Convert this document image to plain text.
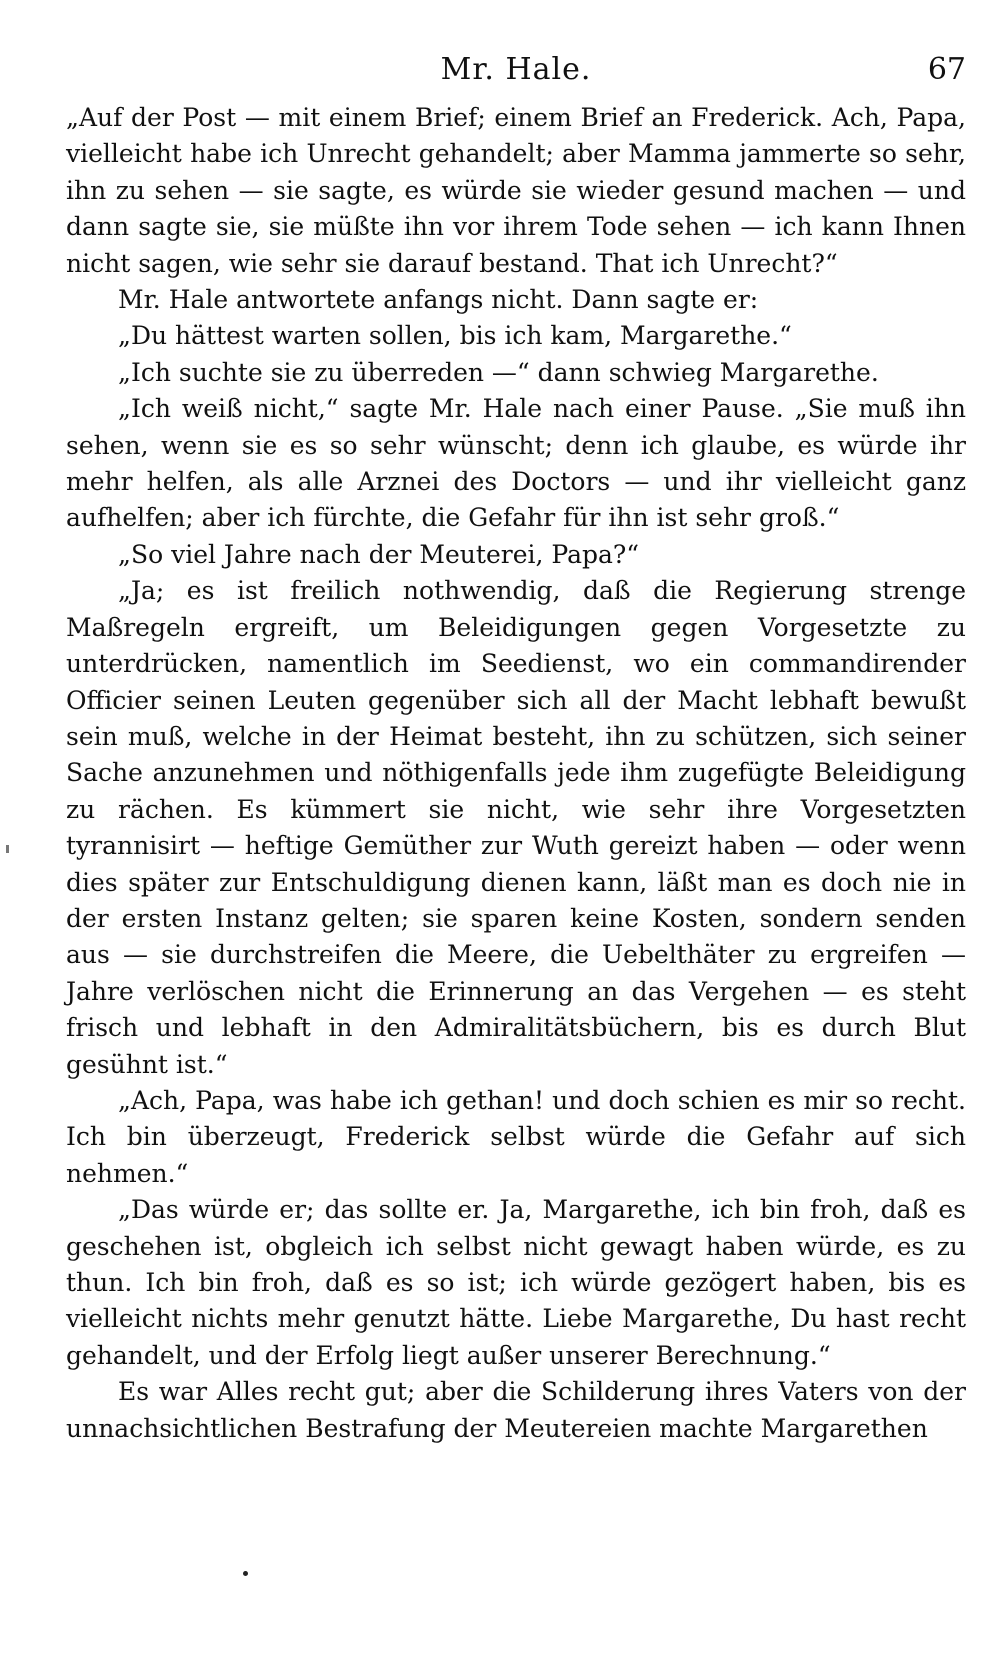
Mr. Hale.	67

„Auf der Post — mit einem Brief; einem Brief an Frederick. Ach, Papa, vielleicht habe ich Unrecht gehandelt; aber Mamma jammerte so sehr, ihn zu sehen — sie sagte, es würde sie wieder gesund machen — und dann sagte sie, sie müßte ihn vor ihrem Tode sehen — ich kann Ihnen nicht sagen, wie sehr sie darauf bestand. That ich Unrecht?“

Mr. Hale antwortete anfangs nicht. Dann sagte er:

„Du hättest warten sollen, bis ich kam, Margarethe.“

„Ich suchte sie zu überreden —“ dann schwieg Margarethe.

„Ich weiß nicht,“ sagte Mr. Hale nach einer Pause. „Sie muß ihn sehen, wenn sie es so sehr wünscht; denn ich glaube, es würde ihr mehr helfen, als alle Arznei des Doctors — und ihr vielleicht ganz aufhelfen; aber ich fürchte, die Gefahr für ihn ist sehr groß.“

„So viel Jahre nach der Meuterei, Papa?“

„Ja; es ist freilich nothwendig, daß die Regierung strenge Maßregeln ergreift, um Beleidigungen gegen Vorgesetzte zu unterdrücken, namentlich im Seedienst, wo ein commandirender Officier seinen Leuten gegenüber sich all der Macht lebhaft bewußt sein muß, welche in der Heimat besteht, ihn zu schützen, sich seiner Sache anzunehmen und nöthigenfalls jede ihm zugefügte Beleidigung zu rächen. Es kümmert sie nicht, wie sehr ihre Vorgesetzten tyrannisirt — heftige Gemüther zur Wuth gereizt haben — oder wenn dies später zur Entschuldigung dienen kann, läßt man es doch nie in der ersten Instanz gelten; sie sparen keine Kosten, sondern senden aus — sie durchstreifen die Meere, die Uebelthäter zu ergreifen — Jahre verlöschen nicht die Erinnerung an das Vergehen — es steht frisch und lebhaft in den Admiralitätsbüchern, bis es durch Blut gesühnt ist.“

„Ach, Papa, was habe ich gethan! und doch schien es mir so recht. Ich bin überzeugt, Frederick selbst würde die Gefahr auf sich nehmen.“

„Das würde er; das sollte er. Ja, Margarethe, ich bin froh, daß es geschehen ist, obgleich ich selbst nicht gewagt haben würde, es zu thun. Ich bin froh, daß es so ist; ich würde gezögert haben, bis es vielleicht nichts mehr genutzt hätte. Liebe Margarethe, Du hast recht gehandelt, und der Erfolg liegt außer unserer Berechnung.“

Es war Alles recht gut; aber die Schilderung ihres Vaters von der unnachsichtlichen Bestrafung der Meutereien machte Margarethen
